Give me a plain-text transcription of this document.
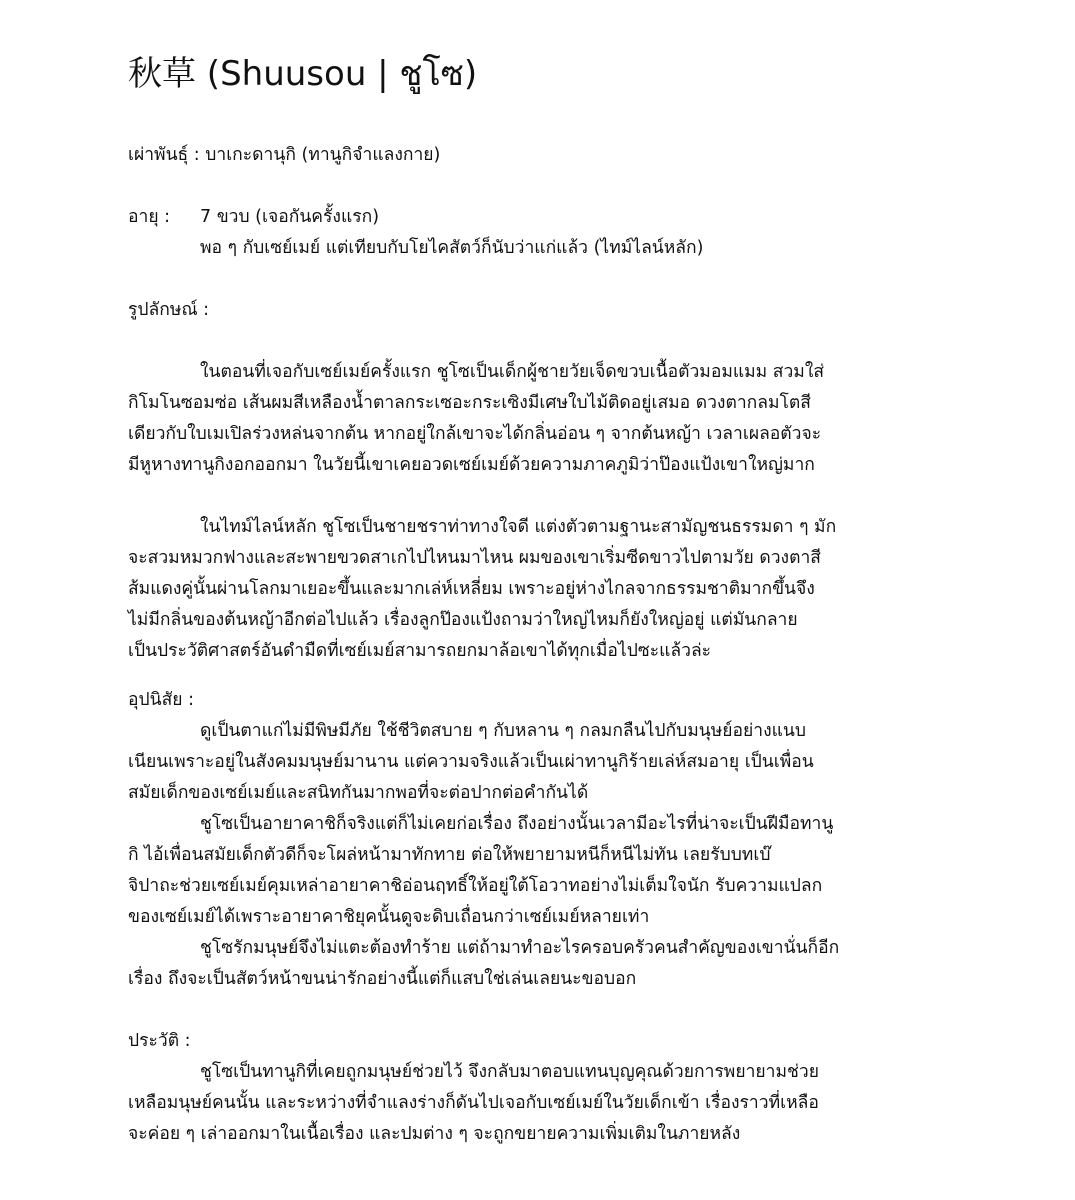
秋草 (Shuusou | ชูโซ)

เผ่าพันธุ์ : บาเกะดานุกิ (ทานูกิจำแลงกาย)

อายุ :	7 ขวบ (เจอกันครั้งแรก)

พอ ๆ กับเซย์เมย์ แต่เทียบกับโยไคสัตว์ก็นับว่าแก่แล้ว (ไทม์ไลน์หลัก)

รูปลักษณ์ :

ในตอนที่เจอกับเซย์เมย์ครั้งแรก ชูโซเป็นเด็กผู้ชายวัยเจ็ดขวบเนื้อตัวมอมแมม สวมใส่

กิโมโนซอมซ่อ เส้นผมสีเหลืองน้ำตาลกระเซอะกระเซิงมีเศษใบไม้ติดอยู่เสมอ ดวงตากลมโตสี

เดียวกับใบเมเปิลร่วงหล่นจากต้น หากอยู่ใกล้เขาจะได้กลิ่นอ่อน ๆ จากต้นหญ้า เวลาเผลอตัวจะ

มีหูหางทานูกิงอกออกมา ในวัยนี้เขาเคยอวดเซย์เมย์ด้วยความภาคภูมิว่าป๊องแป้งเขาใหญ่มาก

ในไทม์ไลน์หลัก ชูโซเป็นชายชราท่าทางใจดี แต่งตัวตามฐานะสามัญชนธรรมดา ๆ มัก

จะสวมหมวกฟางและสะพายขวดสาเกไปไหนมาไหน ผมของเขาเริ่มซีดขาวไปตามวัย ดวงตาสี

ส้มแดงคู่นั้นผ่านโลกมาเยอะขึ้นและมากเล่ห์เหลี่ยม เพราะอยู่ห่างไกลจากธรรมชาติมากขึ้นจึง

ไม่มีกลิ่นของต้นหญ้าอีกต่อไปแล้ว เรื่องลูกป๊องแป้งถามว่าใหญ่ไหมก็ยังใหญ่อยู่ แต่มันกลาย

เป็นประวัติศาสตร์อันดำมืดที่เซย์เมย์สามารถยกมาล้อเขาได้ทุกเมื่อไปซะแล้วล่ะ

อุปนิสัย :

ดูเป็นตาแก่ไม่มีพิษมีภัย ใช้ชีวิตสบาย ๆ กับหลาน ๆ กลมกลืนไปกับมนุษย์อย่างแนบ

เนียนเพราะอยู่ในสังคมมนุษย์มานาน แต่ความจริงแล้วเป็นเผ่าทานูกิร้ายเล่ห์สมอายุ เป็นเพื่อน

สมัยเด็กของเซย์เมย์และสนิทกันมากพอที่จะต่อปากต่อคำกันได้

ชูโซเป็นอายาคาชิก็จริงแต่ก็ไม่เคยก่อเรื่อง ถึงอย่างนั้นเวลามีอะไรที่น่าจะเป็นฝีมือทานู

กิ ไอ้เพื่อนสมัยเด็กตัวดีก็จะโผล่หน้ามาทักทาย ต่อให้พยายามหนีก็หนีไม่ทัน เลยรับบทเบ๊

จิปาถะช่วยเซย์เมย์คุมเหล่าอายาคาชิอ่อนฤทธิ์ให้อยู่ใต้โอวาทอย่างไม่เต็มใจนัก รับความแปลก

ของเซย์เมย์ได้เพราะอายาคาชิยุคนั้นดูจะดิบเถื่อนกว่าเซย์เมย์หลายเท่า

ชูโซรักมนุษย์จึงไม่แตะต้องทำร้าย แต่ถ้ามาทำอะไรครอบครัวคนสำคัญของเขานั่นก็อีก

เรื่อง ถึงจะเป็นสัตว์หน้าขนน่ารักอย่างนี้แต่ก็แสบใช่เล่นเลยนะขอบอก

ประวัติ :

ชูโซเป็นทานูกิที่เคยถูกมนุษย์ช่วยไว้ จึงกลับมาตอบแทนบุญคุณด้วยการพยายามช่วย

เหลือมนุษย์คนนั้น และระหว่างที่จำแลงร่างก็ดันไปเจอกับเซย์เมย์ในวัยเด็กเข้า เรื่องราวที่เหลือ

จะค่อย ๆ เล่าออกมาในเนื้อเรื่อง และปมต่าง ๆ จะถูกขยายความเพิ่มเติมในภายหลัง
